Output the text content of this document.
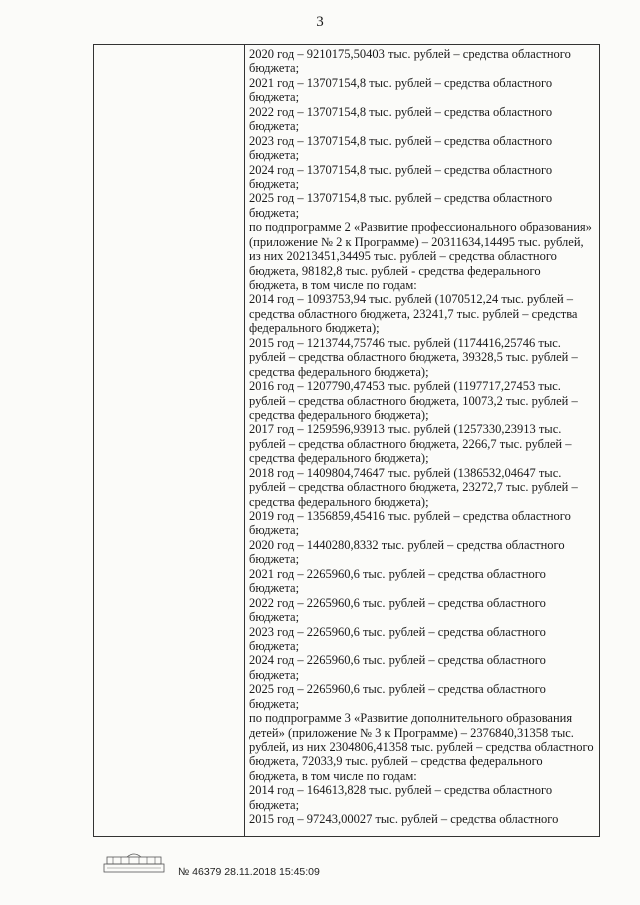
3
2020 год – 9210175,50403 тыс. рублей – средства областного
бюджета;
2021 год – 13707154,8 тыс. рублей – средства областного
бюджета;
2022 год – 13707154,8 тыс. рублей – средства областного
бюджета;
2023 год – 13707154,8 тыс. рублей – средства областного
бюджета;
2024 год – 13707154,8 тыс. рублей – средства областного
бюджета;
2025 год – 13707154,8 тыс. рублей – средства областного
бюджета;
по подпрограмме 2 «Развитие профессионального образования»
(приложение № 2 к Программе) – 20311634,14495 тыс. рублей,
из них 20213451,34495 тыс. рублей – средства областного
бюджета, 98182,8 тыс. рублей - средства федерального
бюджета, в том числе по годам:
2014 год – 1093753,94 тыс. рублей (1070512,24 тыс. рублей –
средства областного бюджета, 23241,7 тыс. рублей – средства
федерального бюджета);
2015 год – 1213744,75746 тыс. рублей (1174416,25746 тыс.
рублей – средства областного бюджета, 39328,5 тыс. рублей –
средства федерального бюджета);
2016 год – 1207790,47453 тыс. рублей (1197717,27453 тыс.
рублей – средства областного бюджета, 10073,2 тыс. рублей –
средства федерального бюджета);
2017 год – 1259596,93913 тыс. рублей (1257330,23913 тыс.
рублей – средства областного бюджета, 2266,7 тыс. рублей –
средства федерального бюджета);
2018 год – 1409804,74647 тыс. рублей (1386532,04647 тыс.
рублей – средства областного бюджета, 23272,7 тыс. рублей –
средства федерального бюджета);
2019 год – 1356859,45416 тыс. рублей – средства областного
бюджета;
2020 год – 1440280,8332 тыс. рублей – средства областного
бюджета;
2021 год – 2265960,6 тыс. рублей – средства областного
бюджета;
2022 год – 2265960,6 тыс. рублей – средства областного
бюджета;
2023 год – 2265960,6 тыс. рублей – средства областного
бюджета;
2024 год – 2265960,6 тыс. рублей – средства областного
бюджета;
2025 год – 2265960,6 тыс. рублей – средства областного
бюджета;
по подпрограмме 3 «Развитие дополнительного образования
детей» (приложение № 3 к Программе) – 2376840,31358 тыс.
рублей, из них 2304806,41358 тыс. рублей – средства областного
бюджета, 72033,9 тыс. рублей – средства федерального
бюджета, в том числе по годам:
2014 год – 164613,828 тыс. рублей – средства областного
бюджета;
2015 год – 97243,00027 тыс. рублей – средства областного
№ 46379 28.11.2018 15:45:09
